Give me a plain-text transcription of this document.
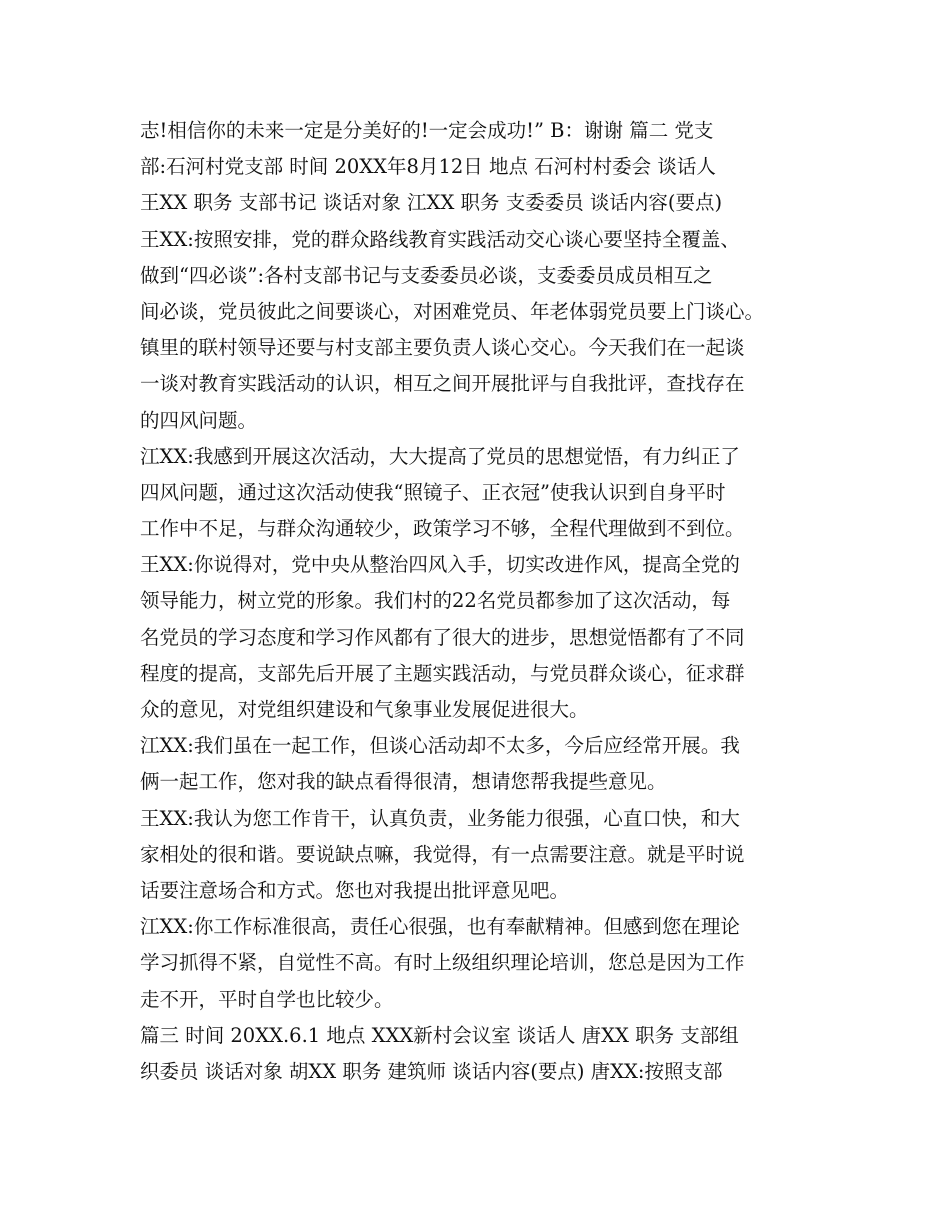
志!相信你的未来一定是分美好的!一定会成功!” B：谢谢 篇二 党支
部:石河村党支部 时间 20XX年8月12日 地点 石河村村委会 谈话人
王XX 职务 支部书记 谈话对象 江XX 职务 支委委员 谈话内容(要点)
王XX:按照安排，党的群众路线教育实践活动交心谈心要坚持全覆盖、
做到“四必谈”:各村支部书记与支委委员必谈，支委委员成员相互之
间必谈，党员彼此之间要谈心，对困难党员、年老体弱党员要上门谈心。
镇里的联村领导还要与村支部主要负责人谈心交心。今天我们在一起谈
一谈对教育实践活动的认识，相互之间开展批评与自我批评，查找存在
的四风问题。
江XX:我感到开展这次活动，大大提高了党员的思想觉悟，有力纠正了
四风问题，通过这次活动使我“照镜子、正衣冠”使我认识到自身平时
工作中不足，与群众沟通较少，政策学习不够，全程代理做到不到位。
王XX:你说得对，党中央从整治四风入手，切实改进作风，提高全党的
领导能力，树立党的形象。我们村的22名党员都参加了这次活动，每
名党员的学习态度和学习作风都有了很大的进步，思想觉悟都有了不同
程度的提高，支部先后开展了主题实践活动，与党员群众谈心，征求群
众的意见，对党组织建设和气象事业发展促进很大。
江XX:我们虽在一起工作，但谈心活动却不太多，今后应经常开展。我
俩一起工作，您对我的缺点看得很清，想请您帮我提些意见。
王XX:我认为您工作肯干，认真负责，业务能力很强，心直口快，和大
家相处的很和谐。要说缺点嘛，我觉得，有一点需要注意。就是平时说
话要注意场合和方式。您也对我提出批评意见吧。
江XX:你工作标准很高，责任心很强，也有奉献精神。但感到您在理论
学习抓得不紧，自觉性不高。有时上级组织理论培训，您总是因为工作
走不开，平时自学也比较少。
篇三 时间 20XX.6.1 地点 XXX新村会议室 谈话人 唐XX 职务 支部组
织委员 谈话对象 胡XX 职务 建筑师 谈话内容(要点) 唐XX:按照支部
